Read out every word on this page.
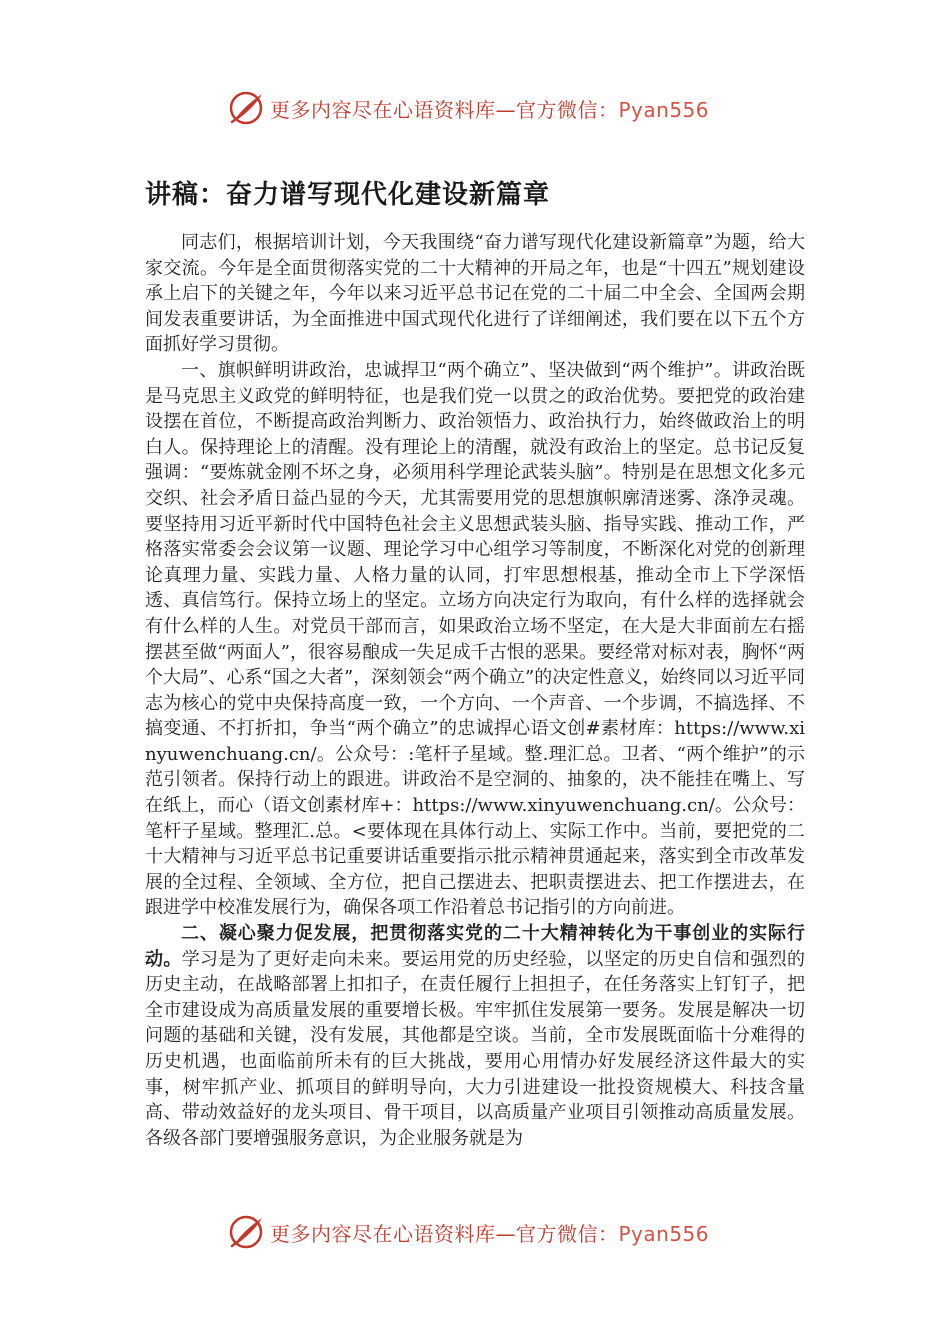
更多内容尽在心语资料库—官方微信：Pyan556
讲稿：奋力谱写现代化建设新篇章

同志们，根据培训计划，今天我围绕“奋力谱写现代化建设新篇章”为题，给大家交流。今年是全面贯彻落实党的二十大精神的开局之年，也是“十四五”规划建设承上启下的关键之年，今年以来习近平总书记在党的二十届二中全会、全国两会期间发表重要讲话，为全面推进中国式现代化进行了详细阐述，我们要在以下五个方面抓好学习贯彻。

一、旗帜鲜明讲政治，忠诚捍卫“两个确立”、坚决做到“两个维护”。讲政治既是马克思主义政党的鲜明特征，也是我们党一以贯之的政治优势。要把党的政治建设摆在首位，不断提高政治判断力、政治领悟力、政治执行力，始终做政治上的明白人。保持理论上的清醒。没有理论上的清醒，就没有政治上的坚定。总书记反复强调：“要炼就金刚不坏之身，必须用科学理论武装头脑”。特别是在思想文化多元交织、社会矛盾日益凸显的今天，尤其需要用党的思想旗帜廓清迷雾、涤净灵魂。要坚持用习近平新时代中国特色社会主义思想武装头脑、指导实践、推动工作，严格落实常委会会议第一议题、理论学习中心组学习等制度，不断深化对党的创新理论真理力量、实践力量、人格力量的认同，打牢思想根基，推动全市上下学深悟透、真信笃行。保持立场上的坚定。立场方向决定行为取向，有什么样的选择就会有什么样的人生。对党员干部而言，如果政治立场不坚定，在大是大非面前左右摇摆甚至做“两面人”，很容易酿成一失足成千古恨的恶果。要经常对标对表，胸怀“两个大局”、心系“国之大者”，深刻领会“两个确立”的决定性意义，始终同以习近平同志为核心的党中央保持高度一致，一个方向、一个声音、一个步调，不搞选择、不搞变通、不打折扣，争当“两个确立”的忠诚捍心语文创#素材库：https://www.xinyuwenchuang.cn/。公众号：:笔杆子星域。整.理汇总。卫者、“两个维护”的示范引领者。保持行动上的跟进。讲政治不是空洞的、抽象的，决不能挂在嘴上、写在纸上，而心（语文创素材库+：https://www.xinyuwenchuang.cn/。公众号：笔杆子星域。整理汇.总。<要体现在具体行动上、实际工作中。当前，要把党的二十大精神与习近平总书记重要讲话重要指示批示精神贯通起来，落实到全市改革发展的全过程、全领域、全方位，把自己摆进去、把职责摆进去、把工作摆进去，在跟进学中校准发展行为，确保各项工作沿着总书记指引的方向前进。

二、凝心聚力促发展，把贯彻落实党的二十大精神转化为干事创业的实际行动。学习是为了更好走向未来。要运用党的历史经验，以坚定的历史自信和强烈的历史主动，在战略部署上扣扣子，在责任履行上担担子，在任务落实上钉钉子，把全市建设成为高质量发展的重要增长极。牢牢抓住发展第一要务。发展是解决一切问题的基础和关键，没有发展，其他都是空谈。当前，全市发展既面临十分难得的历史机遇，也面临前所未有的巨大挑战，要用心用情办好发展经济这件最大的实事，树牢抓产业、抓项目的鲜明导向，大力引进建设一批投资规模大、科技含量高、带动效益好的龙头项目、骨干项目，以高质量产业项目引领推动高质量发展。各级各部门要增强服务意识，为企业服务就是为

更多内容尽在心语资料库—官方微信：Pyan556
